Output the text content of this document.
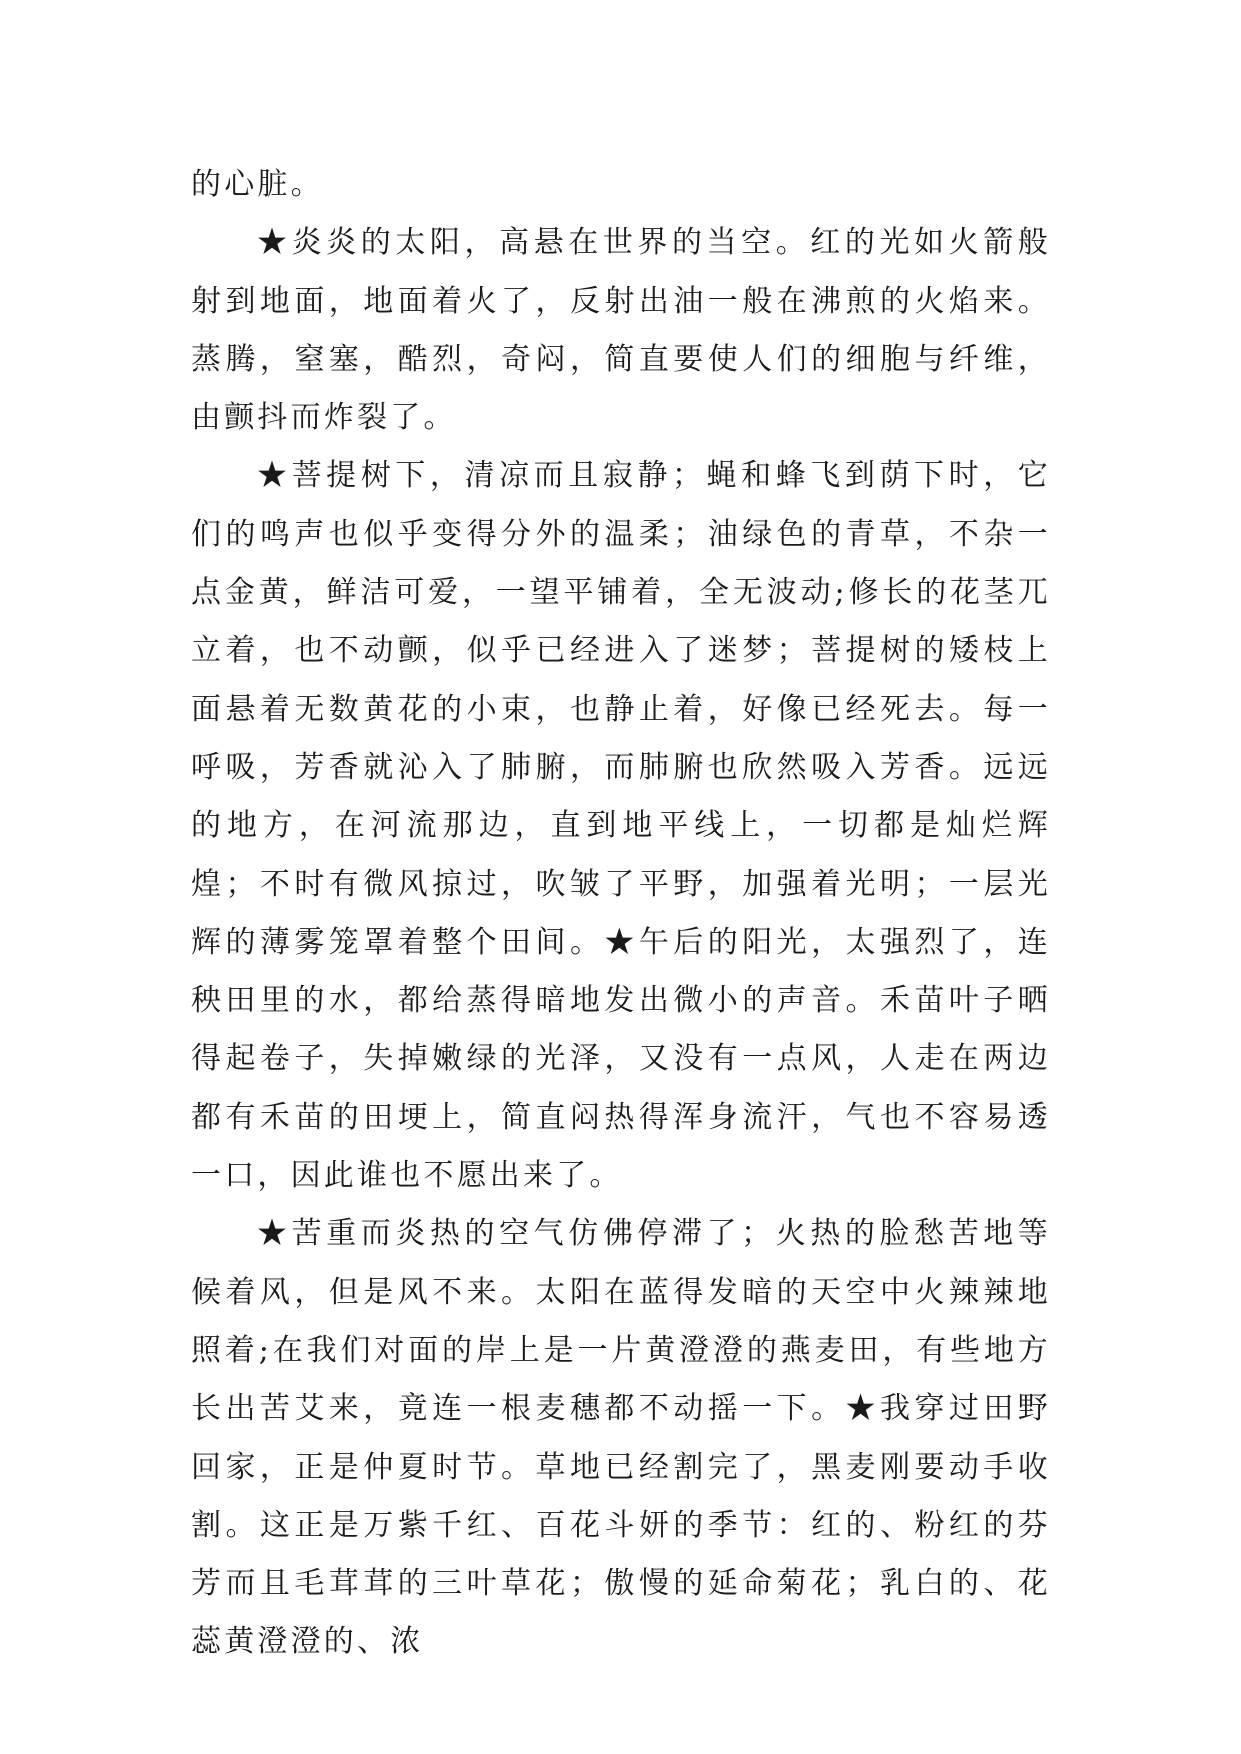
的心脏。

★炎炎的太阳，高悬在世界的当空。红的光如火箭般射到地面，地面着火了，反射出油一般在沸煎的火焰来。蒸腾，窒塞，酷烈，奇闷，简直要使人们的细胞与纤维，由颤抖而炸裂了。

★菩提树下，清凉而且寂静；蝇和蜂飞到荫下时，它们的鸣声也似乎变得分外的温柔；油绿色的青草，不杂一点金黄，鲜洁可爱，一望平铺着，全无波动;修长的花茎兀立着，也不动颤，似乎已经进入了迷梦；菩提树的矮枝上面悬着无数黄花的小束，也静止着，好像已经死去。每一呼吸，芳香就沁入了肺腑，而肺腑也欣然吸入芳香。远远的地方，在河流那边，直到地平线上，一切都是灿烂辉煌；不时有微风掠过，吹皱了平野，加强着光明；一层光辉的薄雾笼罩着整个田间。★午后的阳光，太强烈了，连秧田里的水，都给蒸得暗地发出微小的声音。禾苗叶子晒得起卷子，失掉嫩绿的光泽，又没有一点风，人走在两边都有禾苗的田埂上，简直闷热得浑身流汗，气也不容易透一口，因此谁也不愿出来了。

★苦重而炎热的空气仿佛停滞了；火热的脸愁苦地等候着风，但是风不来。太阳在蓝得发暗的天空中火辣辣地照着;在我们对面的岸上是一片黄澄澄的燕麦田，有些地方长出苦艾来，竟连一根麦穗都不动摇一下。★我穿过田野回家，正是仲夏时节。草地已经割完了，黑麦刚要动手收割。这正是万紫千红、百花斗妍的季节：红的、粉红的芬芳而且毛茸茸的三叶草花；傲慢的延命菊花；乳白的、花蕊黄澄澄的、浓
